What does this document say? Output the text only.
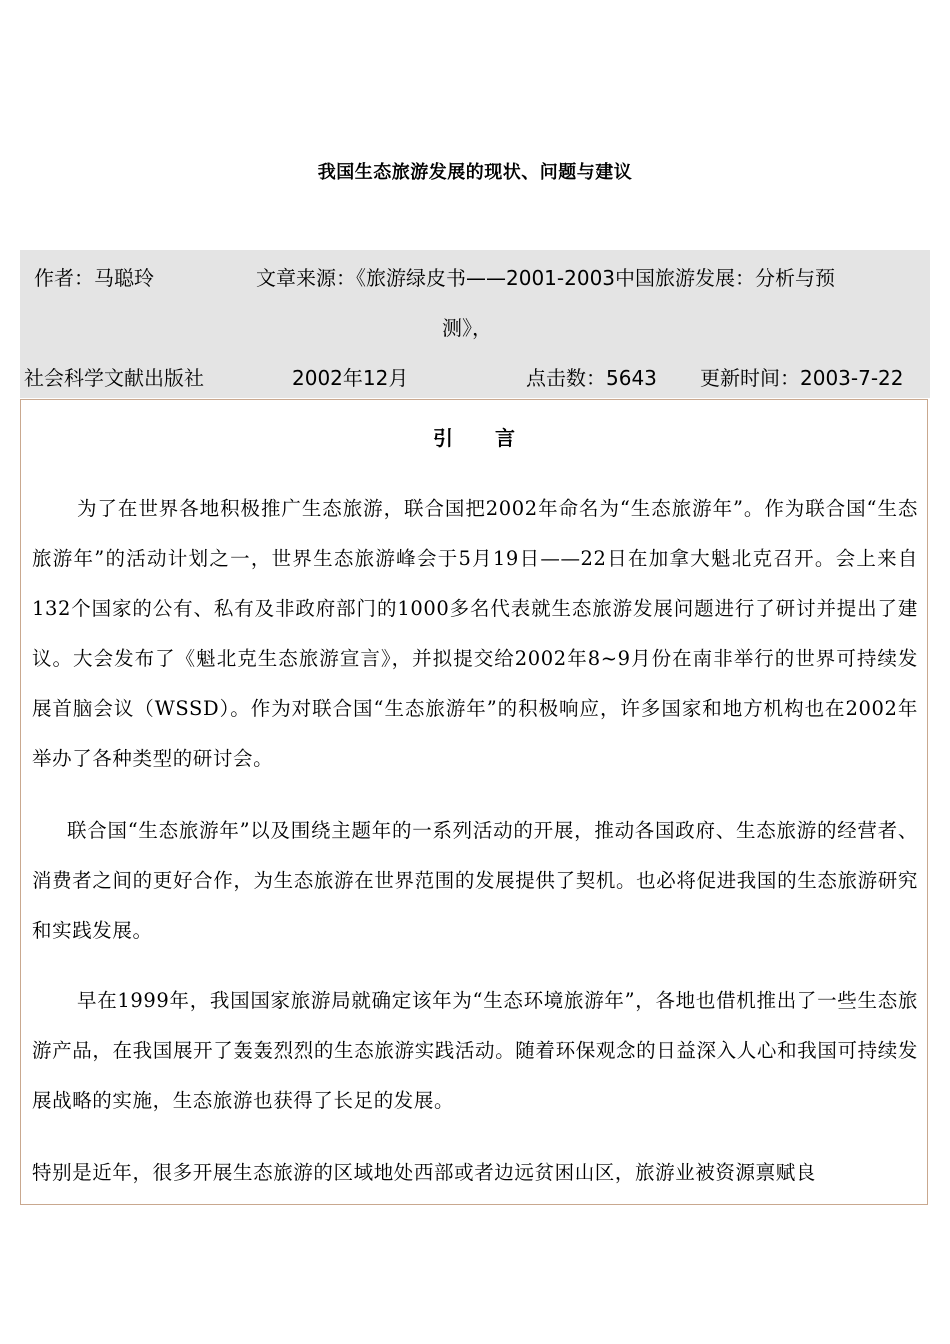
我国生态旅游发展的现状、问题与建议
作者：马聪玲	文章来源：《旅游绿皮书——2001-2003中国旅游发展：分析与预
测》，
社会科学文献出版社	2002年12月	点击数：5643 更新时间：2003-7-22
引言

为了在世界各地积极推广生态旅游，联合国把2002年命名为“生态旅游年”。作为联合国“生态旅游年”的活动计划之一，世界生态旅游峰会于5月19日——22日在加拿大魁北克召开。会上来自132个国家的公有、私有及非政府部门的1000多名代表就生态旅游发展问题进行了研讨并提出了建议。大会发布了《魁北克生态旅游宣言》，并拟提交给2002年8~9月份在南非举行的世界可持续发展首脑会议（WSSD）。作为对联合国“生态旅游年”的积极响应，许多国家和地方机构也在2002年举办了各种类型的研讨会。

联合国“生态旅游年”以及围绕主题年的一系列活动的开展，推动各国政府、生态旅游的经营者、消费者之间的更好合作，为生态旅游在世界范围的发展提供了契机。也必将促进我国的生态旅游研究和实践发展。

早在1999年，我国国家旅游局就确定该年为“生态环境旅游年”，各地也借机推出了一些生态旅游产品，在我国展开了轰轰烈烈的生态旅游实践活动。随着环保观念的日益深入人心和我国可持续发展战略的实施，生态旅游也获得了长足的发展。

特别是近年，很多开展生态旅游的区域地处西部或者边远贫困山区，旅游业被资源禀赋良
